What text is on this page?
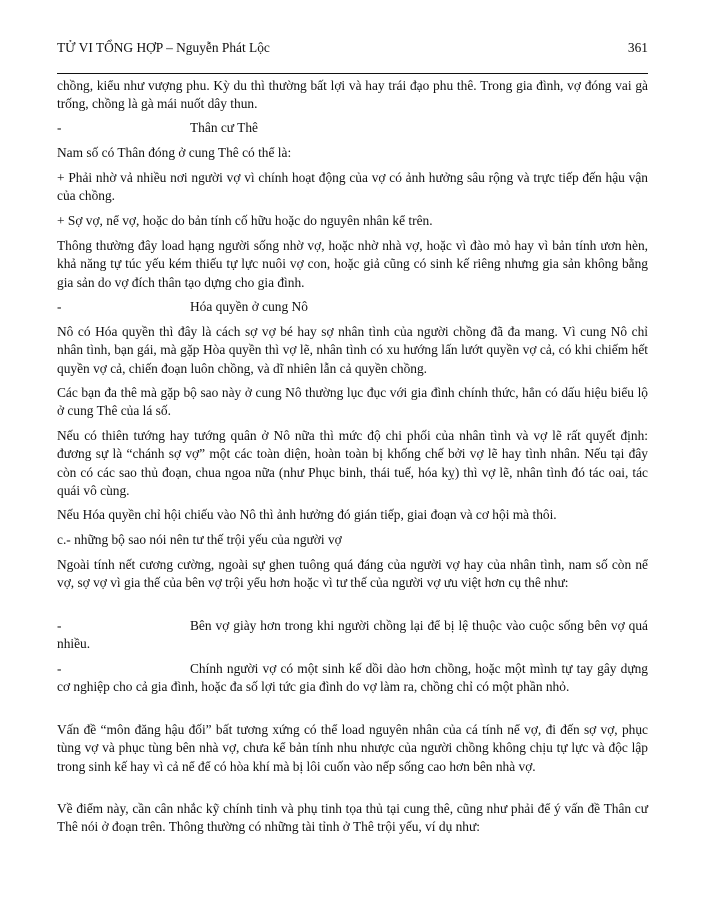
TỬ VI TỔNG HỢP – Nguyễn Phát Lộc	361
chồng, kiểu như vượng phu. Kỳ du thì thường bất lợi và hay trái đạo phu thê. Trong gia đình, vợ đóng vai gà trống, chồng là gà mái nuốt dây thun.
-	Thân cư Thê
Nam số có Thân đóng ở cung Thê có thể là:
+ Phải nhờ vả nhiều nơi người vợ vì chính hoạt động của vợ có ảnh hưởng sâu rộng và trực tiếp đến hậu vận của chồng.
+ Sợ vợ, nể vợ, hoặc do bản tính cố hữu hoặc do nguyên nhân kể trên.
Thông thường đây load hạng người sống nhờ vợ, hoặc nhờ nhà vợ, hoặc vì đào mỏ hay vì bản tính ươn hèn, khả năng tự túc yếu kém thiếu tự lực nuôi vợ con, hoặc giả cũng có sinh kế riêng nhưng gia sản không bằng gia sản do vợ đích thân tạo dựng cho gia đình.
-	Hóa quyền ở cung Nô
Nô có Hóa quyền thì đây là cách sợ vợ bé hay sợ nhân tình của người chồng đã đa mang. Vì cung Nô chỉ nhân tình, bạn gái, mà gặp Hòa quyền thì vợ lẽ, nhân tình có xu hướng lấn lướt quyền vợ cả, có khi chiếm hết quyền vợ cả, chiến đoạn luôn chồng, và dĩ nhiên lẫn cả quyền chồng.
Các bạn đa thê mà gặp bộ sao này ở cung Nô thường lục đục với gia đình chính thức, hẳn có dấu hiệu biểu lộ ở cung Thê của lá số.
Nếu có thiên tướng hay tướng quân ở Nô nữa thì mức độ chi phối của nhân tình và vợ lẽ rất quyết định: đương sự là “chánh sợ vợ” một các toàn diện, hoàn toàn bị khống chế bởi vợ lẽ hay tình nhân. Nếu tại đây còn có các sao thủ đoạn, chua ngoa nữa (như Phục binh, thái tuế, hóa kỵ) thì vợ lẽ, nhân tình đó tác oai, tác quái vô cùng.
Nếu Hóa quyền chỉ hội chiếu vào Nô thì ảnh hưởng đó gián tiếp, giai đoạn và cơ hội mà thôi.
c.- những bộ sao nói nên tư thế trội yếu của người vợ
Ngoài tính nết cương cường, ngoài sự ghen tuông quá đáng của người vợ hay của nhân tình, nam số còn nể vợ, sợ vợ vì gia thế của bên vợ trội yểu hơn hoặc vì tư thế của người vợ ưu việt hơn cụ thê như:
-	Bên vợ giày hơn trong khi người chồng lại để bị lệ thuộc vào cuộc sống bên vợ quá nhiều.
-	Chính người vợ có một sinh kế dồi dào hơn chồng, hoặc một mình tự tay gây dựng cơ nghiệp cho cả gia đình, hoặc đa số lợi tức gia đình do vợ làm ra, chồng chỉ có một phần nhỏ.
Vấn đề “môn đăng hậu đối” bất tương xứng có thể load nguyên nhân của cá tính nể vợ, đi đến sợ vợ, phục tùng vợ và phục tùng bên nhà vợ, chưa kể bản tính nhu nhược của người chồng không chịu tự lực và độc lập trong sinh kế hay vì cả nể để có hòa khí mà bị lôi cuốn vào nếp sống cao hơn bên nhà vợ.
Về điểm này, cần cân nhắc kỹ chính tinh và phụ tinh tọa thủ tại cung thê, cũng như phải để ý vấn đề Thân cư Thê nói ở đoạn trên. Thông thường có những tài tỉnh ở Thê trội yếu, ví dụ như:
